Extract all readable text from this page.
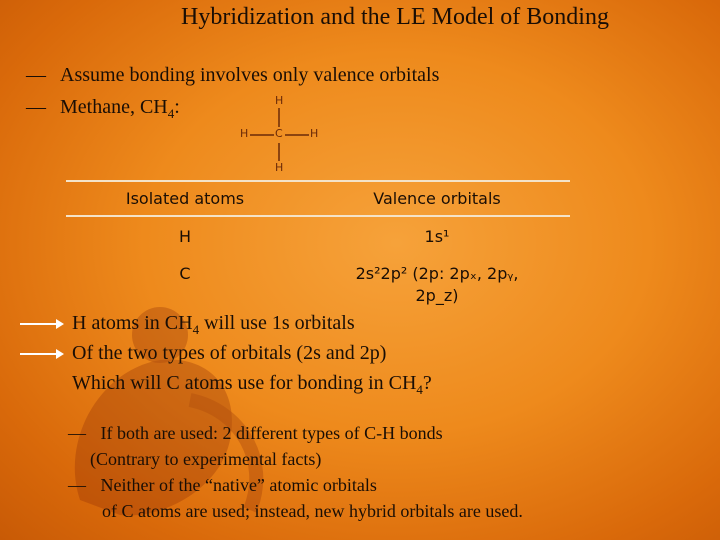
Hybridization and the LE Model of Bonding
— Assume bonding involves only valence orbitals
— Methane, $CH_4$:	H
C
H	H
H
Isolated atoms	Valence orbitals
H	1s¹
C	2s²2p² (2p: 2pₓ, 2pᵧ,
2p_z)
H atoms in $CH_4$ will use 1s orbitals
Of the two types of orbitals (2s and 2p)
Which will C atoms use for bonding in $CH_4$?
— If both are used: 2 different types of C-H bonds
(Contrary to experimental facts)
— Neither of the “native” atomic orbitals
of C atoms are used; instead, new hybrid orbitals are used.
